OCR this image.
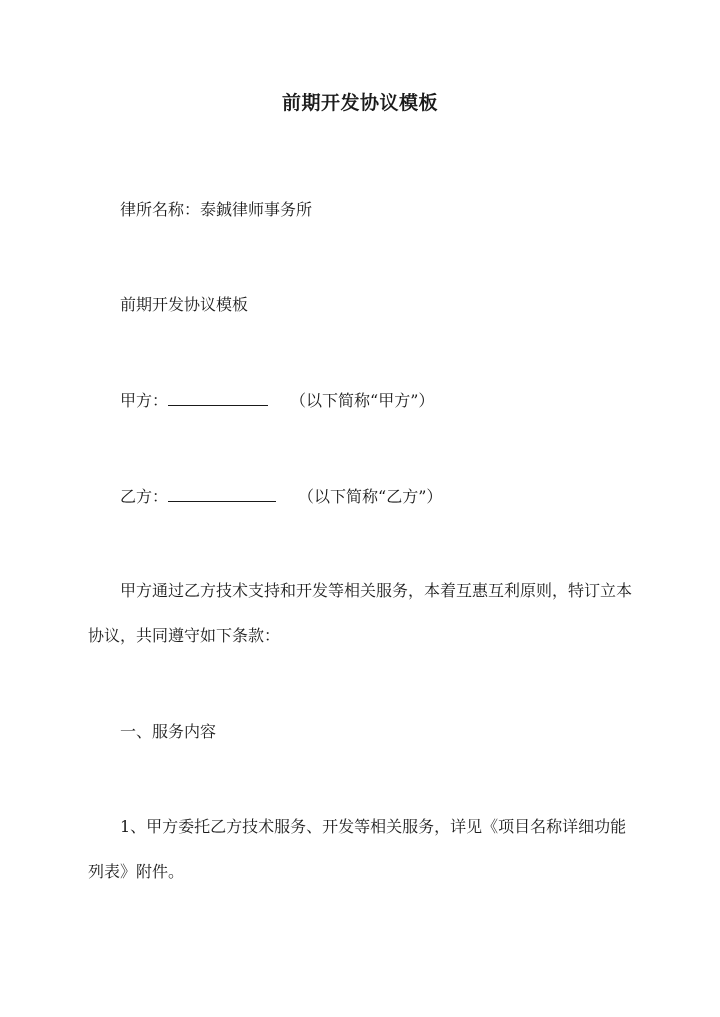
前期开发协议模板
律所名称：泰鋮律师事务所
前期开发协议模板
甲方：	（以下简称“甲方”）
乙方：	（以下简称“乙方”）
甲方通过乙方技术支持和开发等相关服务，本着互惠互利原则，特订立本协议，共同遵守如下条款：
一、服务内容
1、甲方委托乙方技术服务、开发等相关服务，详见《项目名称详细功能列表》附件。
